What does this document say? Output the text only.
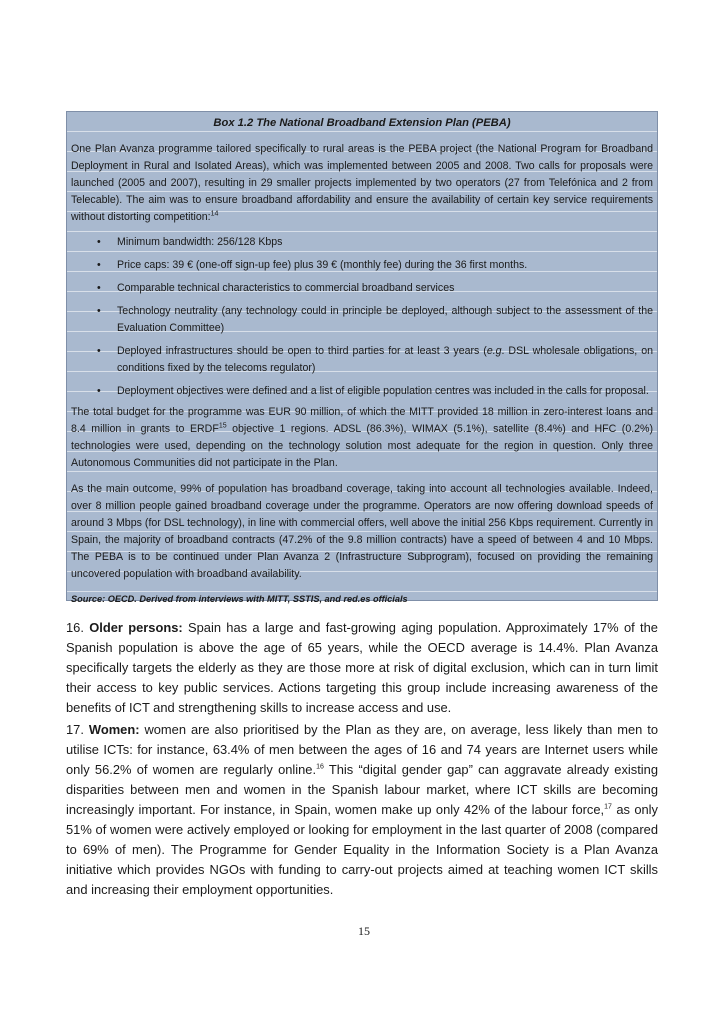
Box 1.2 The National Broadband Extension Plan (PEBA)

One Plan Avanza programme tailored specifically to rural areas is the PEBA project (the National Program for Broadband Deployment in Rural and Isolated Areas), which was implemented between 2005 and 2008. Two calls for proposals were launched (2005 and 2007), resulting in 29 smaller projects implemented by two operators (27 from Telefónica and 2 from Telecable). The aim was to ensure broadband affordability and ensure the availability of certain key service requirements without distorting competition:$^{14}$

• Minimum bandwidth: 256/128 Kbps
• Price caps: 39 € (one-off sign-up fee) plus 39 € (monthly fee) during the 36 first months.
• Comparable technical characteristics to commercial broadband services
• Technology neutrality (any technology could in principle be deployed, although subject to the assessment of the Evaluation Committee)
• Deployed infrastructures should be open to third parties for at least 3 years (e.g. DSL wholesale obligations, on conditions fixed by the telecoms regulator)
• Deployment objectives were defined and a list of eligible population centres was included in the calls for proposal.

The total budget for the programme was EUR 90 million, of which the MITT provided 18 million in zero-interest loans and 8.4 million in grants to ERDF$^{15}$ objective 1 regions. ADSL (86.3%), WIMAX (5.1%), satellite (8.4%) and HFC (0.2%) technologies were used, depending on the technology solution most adequate for the region in question. Only three Autonomous Communities did not participate in the Plan.

As the main outcome, 99% of population has broadband coverage, taking into account all technologies available. Indeed, over 8 million people gained broadband coverage under the programme. Operators are now offering download speeds of around 3 Mbps (for DSL technology), in line with commercial offers, well above the initial 256 Kbps requirement. Currently in Spain, the majority of broadband contracts (47.2% of the 9.8 million contracts) have a speed of between 4 and 10 Mbps. The PEBA is to be continued under Plan Avanza 2 (Infrastructure Subprogram), focused on providing the remaining uncovered population with broadband availability.

Source: OECD. Derived from interviews with MITT, SSTIS, and red.es officials

16. Older persons: Spain has a large and fast-growing aging population. Approximately 17% of the Spanish population is above the age of 65 years, while the OECD average is 14.4%. Plan Avanza specifically targets the elderly as they are those more at risk of digital exclusion, which can in turn limit their access to key public services. Actions targeting this group include increasing awareness of the benefits of ICT and strengthening skills to increase access and use.
17. Women: women are also prioritised by the Plan as they are, on average, less likely than men to utilise ICTs: for instance, 63.4% of men between the ages of 16 and 74 years are Internet users while only 56.2% of women are regularly online.$^{16}$ This “digital gender gap” can aggravate already existing disparities between men and women in the Spanish labour market, where ICT skills are becoming increasingly important. For instance, in Spain, women make up only 42% of the labour force,$^{17}$ as only 51% of women were actively employed or looking for employment in the last quarter of 2008 (compared to 69% of men). The Programme for Gender Equality in the Information Society is a Plan Avanza initiative which provides NGOs with funding to carry-out projects aimed at teaching women ICT skills and increasing their employment opportunities.
15
